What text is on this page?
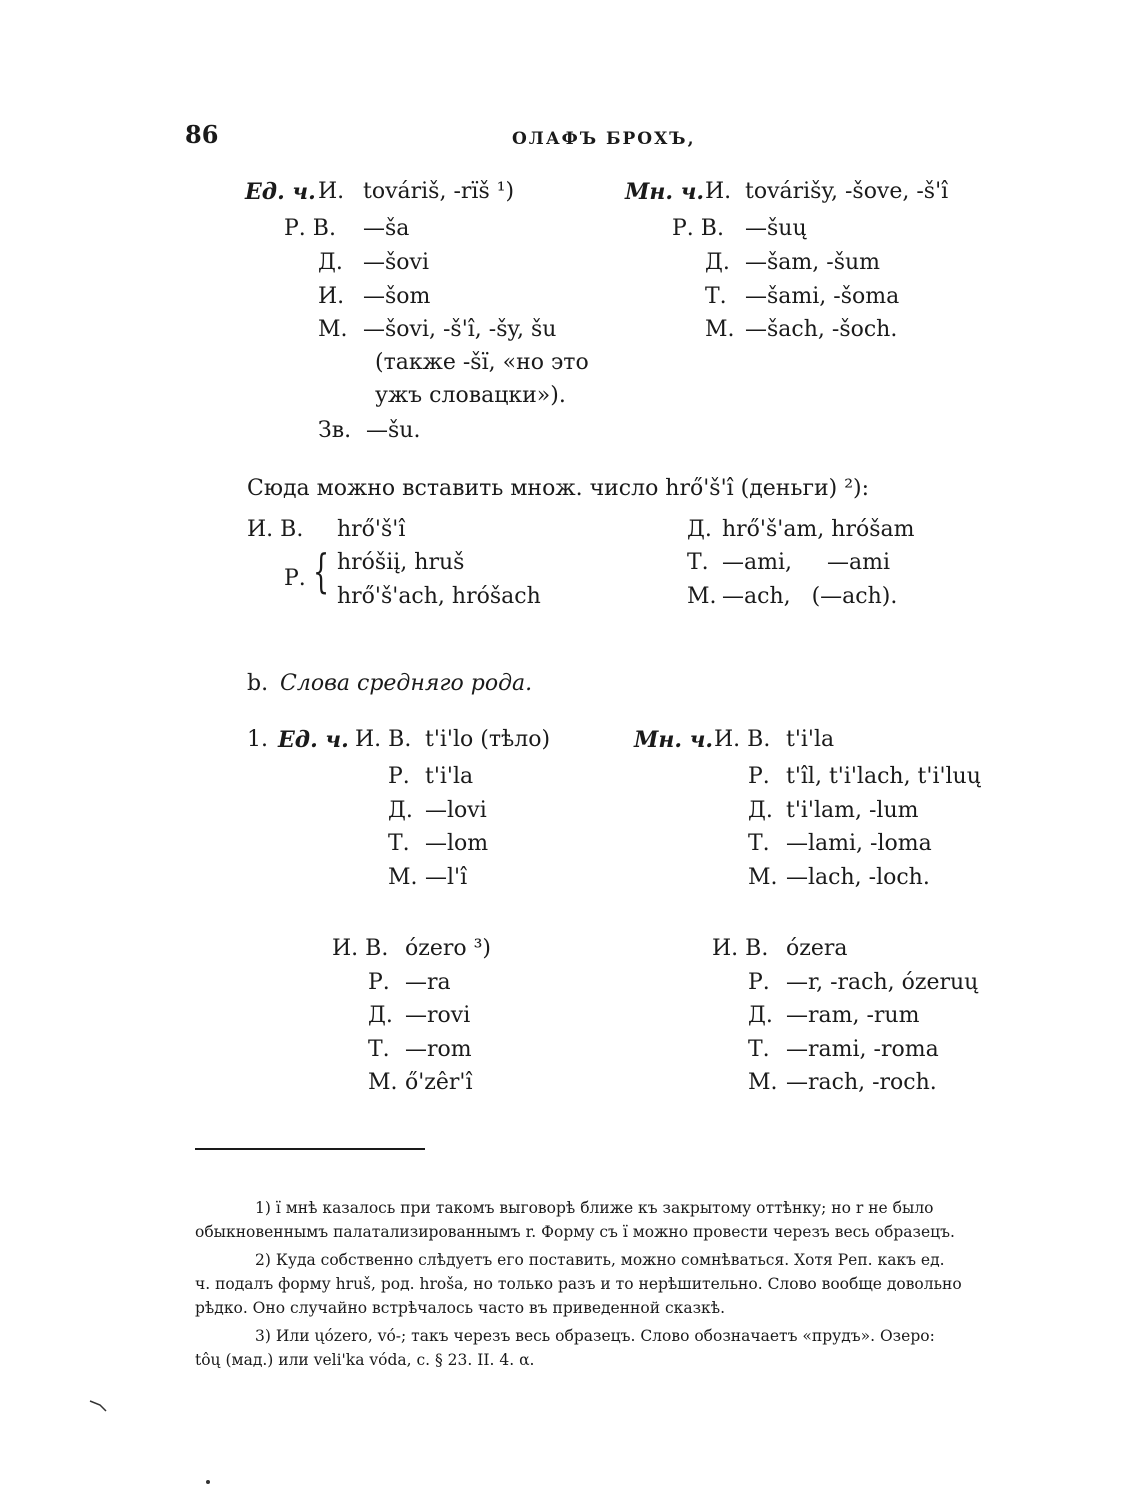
86	ОЛАФЪ БРОХЪ,
Ед. ч. И. továriš, -rïš ¹)
Р. В. —ša
Д. —šovi
И. —šom
М. —šovi, -š'î, -šy, šu
(также -šï, «но это
ужъ словацки»).
Зв. —šu.
Мн. ч. И. továrišy, -šove, -š'î
Р. В. —šuų
Д. —šam, -šum
Т. —šami, -šoma
М. —šach, -šoch.
Сюда можно вставить множ. число hrő'š'î (деньги) ²):
И. В. hrő'š'î
Р. { hróšiį, hruš
hrő'š'ach, hróšach
Д. hrő'š'am, hróšam
Т. —ami,     —ami
М. —ach,   (—ach).
b. Слова средняго рода.
1. Ед. ч. И. В. t'i'lo (тѣло)
Р. t'i'la
Д. —lovi
Т. —lom
М. —l'î
Мн. ч. И. В. t'i'la
Р. t'îl, t'i'lach, t'i'luų
Д. t'i'lam, -lum
Т. —lami, -loma
М. —lach, -loch.
И. В. ózero ³)
Р. —ra
Д. —rovi
Т. —rom
М. ő'zêr'î
И. В. ózera
Р. —r, -rach, ózeruų
Д. —ram, -rum
Т. —rami, -roma
М. —rach, -roch.
1) ï мнѣ казалось при такомъ выговорѣ ближе къ закрытому оттѣнку; но r не было
обыкновеннымъ палатализированнымъ r. Форму съ ï можно провести черезъ весь образецъ.
2) Куда собственно слѣдуетъ его поставить, можно сомнѣваться. Хотя Реп. какъ ед.
ч. подалъ форму hruš, род. hroša, но только разъ и то нерѣшительно. Слово вообще довольно
рѣдко. Оно случайно встрѣчалось часто въ приведенной сказкѣ.
3) Или ųózero, vó-; такъ черезъ весь образецъ. Слово обозначаетъ «прудъ». Озеро:
tôų (мад.) или veli'ka vóda, с. § 23. II. 4. α.
